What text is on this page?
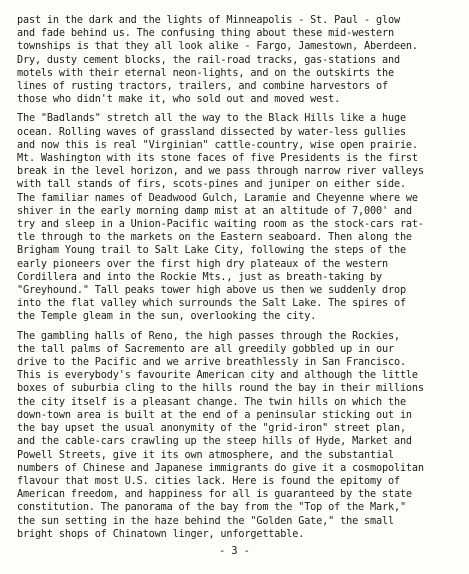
past in the dark and the lights of Minneapolis - St. Paul - glow
and fade behind us. The confusing thing about these mid-western
townships is that they all look alike - Fargo, Jamestown, Aberdeen.
Dry, dusty cement blocks, the rail-road tracks, gas-stations and
motels with their eternal neon-lights, and on the outskirts the
lines of rusting tractors, trailers, and combine harvestors of
those who didn't make it, who sold out and moved west.

The "Badlands" stretch all the way to the Black Hills like a huge
ocean. Rolling waves of grassland dissected by water-less gullies
and now this is real "Virginian" cattle-country, wise open prairie.
Mt. Washington with its stone faces of five Presidents is the first
break in the level horizon, and we pass through narrow river valleys
with tall stands of firs, scots-pines and juniper on either side.
The familiar names of Deadwood Gulch, Laramie and Cheyenne where we
shiver in the early morning damp mist at an altitude of 7,000' and
try and sleep in a Union-Pacific waiting room as the stock-cars rat-
tle through to the markets on the Eastern seaboard. Then along the
Brigham Young trail to Salt Lake City, following the steps of the
early pioneers over the first high dry plateaux of the western
Cordillera and into the Rockie Mts., just as breath-taking by
"Greyhound." Tall peaks tower high above us then we suddenly drop
into the flat valley which surrounds the Salt Lake. The spires of
the Temple gleam in the sun, overlooking the city.

The gambling halls of Reno, the high passes through the Rockies,
the tall palms of Sacremento are all greedily gobbled up in our
drive to the Pacific and we arrive breathlessly in San Francisco.
This is everybody's favourite American city and although the little
boxes of suburbia cling to the hills round the bay in their millions
the city itself is a pleasant change. The twin hills on which the
down-town area is built at the end of a peninsular sticking out in
the bay upset the usual anonymity of the "grid-iron" street plan,
and the cable-cars crawling up the steep hills of Hyde, Market and
Powell Streets, give it its own atmosphere, and the substantial
numbers of Chinese and Japanese immigrants do give it a cosmopolitan
flavour that most U.S. cities lack. Here is found the epitomy of
American freedom, and happiness for all is guaranteed by the state
constitution. The panorama of the bay from the "Top of the Mark,"
the sun setting in the haze behind the "Golden Gate," the small
bright shops of Chinatown linger, unforgettable.

- 3 -
